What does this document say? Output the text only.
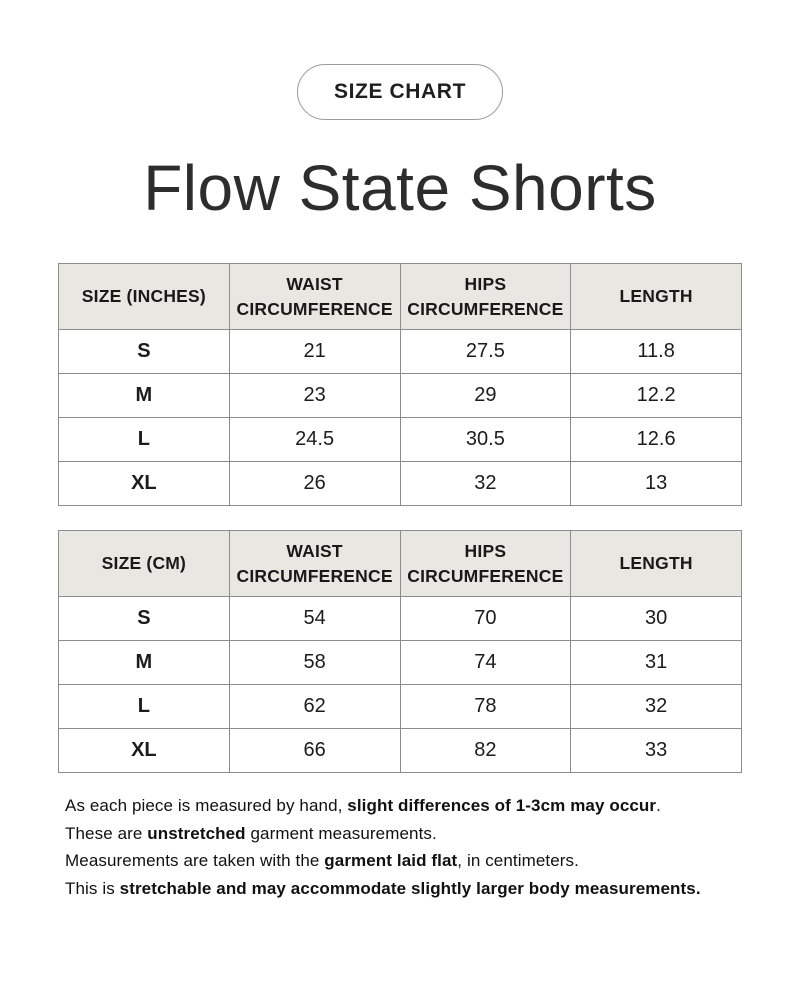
SIZE CHART
Flow State Shorts
SIZE (INCHES)	WAIST CIRCUMFERENCE	HIPS CIRCUMFERENCE	LENGTH
S	21	27.5	11.8
M	23	29	12.2
L	24.5	30.5	12.6
XL	26	32	13
SIZE (CM)	WAIST CIRCUMFERENCE	HIPS CIRCUMFERENCE	LENGTH
S	54	70	30
M	58	74	31
L	62	78	32
XL	66	82	33

As each piece is measured by hand, slight differences of 1-3cm may occur.

These are unstretched garment measurements.

Measurements are taken with the garment laid flat, in centimeters.

This is stretchable and may accommodate slightly larger body measurements.
